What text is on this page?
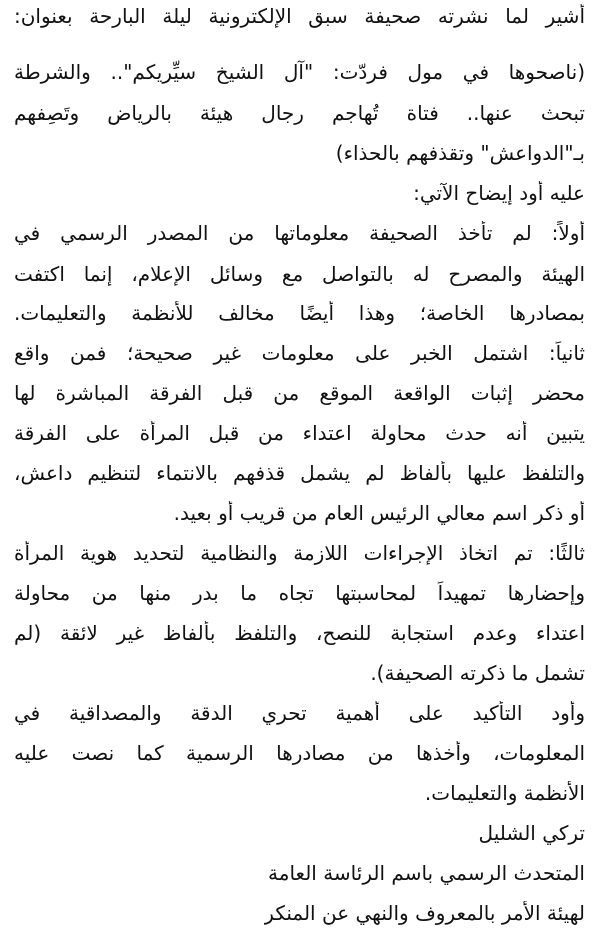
أشير لما نشرته صحيفة سبق الإلكترونية ليلة البارحة بعنوان:
(ناصحوها في مول فردّت: "آل الشيخ سيِّرِيكم".. والشرطة
تبحث عنها.. فتاة تُهاجم رجال هيئة بالرياض وتَصِفهم
بـ"الدواعش" وتقذفهم بالحذاء)
عليه أود إيضاح الآتي:
أولاً: لم تأخذ الصحيفة معلوماتها من المصدر الرسمي في
الهيئة والمصرح له بالتواصل مع وسائل الإعلام، إنما اكتفت
بمصادرها الخاصة؛ وهذا أيضًا مخالف للأنظمة والتعليمات.
ثانياً: اشتمل الخبر على معلومات غير صحيحة؛ فمن واقع
محضر إثبات الواقعة الموقع من قبل الفرقة المباشرة لها
يتبين أنه حدث محاولة اعتداء من قبل المرأة على الفرقة
والتلفظ عليها بألفاظ لم يشمل قذفهم بالانتماء لتنظيم داعش،
أو ذكر اسم معالي الرئيس العام من قريب أو بعيد.
ثالثًا: تم اتخاذ الإجراءات اللازمة والنظامية لتحديد هوية المرأة
وإحضارها تمهيداً لمحاسبتها تجاه ما بدر منها من محاولة
اعتداء وعدم استجابة للنصح، والتلفظ بألفاظ غير لائقة (لم
تشمل ما ذكرته الصحيفة).
وأود التأكيد على أهمية تحري الدقة والمصداقية في
المعلومات، وأخذها من مصادرها الرسمية كما نصت عليه
الأنظمة والتعليمات.
تركي الشليل
المتحدث الرسمي باسم الرئاسة العامة
لهيئة الأمر بالمعروف والنهي عن المنكر
